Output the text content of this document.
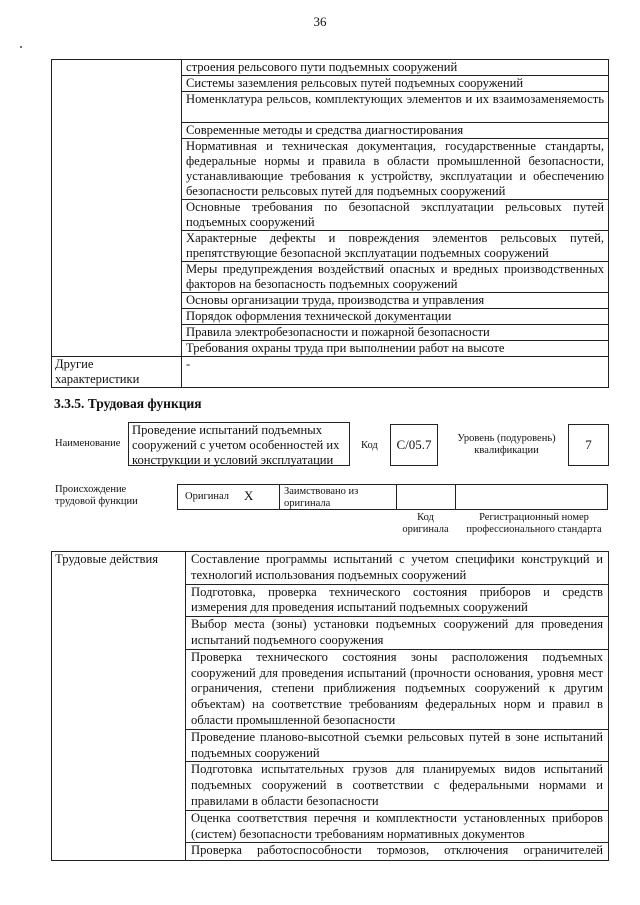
36
	строения рельсового пути подъемных сооружений
	Системы заземления рельсовых путей подъемных сооружений
	Номенклатура рельсов, комплектующих элементов и их взаимозаменяемость
	Современные методы и средства диагностирования
	Нормативная и техническая документация, государственные стандарты, федеральные нормы и правила в области промышленной безопасности, устанавливающие требования к устройству, эксплуатации и обеспечению безопасности рельсовых путей для подъемных сооружений
	Основные требования по безопасной эксплуатации рельсовых путей подъемных сооружений
	Характерные дефекты и повреждения элементов рельсовых путей, препятствующие безопасной эксплуатации подъемных сооружений
	Меры предупреждения воздействий опасных и вредных производственных факторов на безопасность подъемных сооружений
	Основы организации труда, производства и управления
	Порядок оформления технической документации
	Правила электробезопасности и пожарной безопасности
	Требования охраны труда при выполнении работ на высоте
Другие характеристики	-
3.3.5. Трудовая функция
Наименование
Проведение испытаний подъемных сооружений с учетом особенностей их конструкции и условий эксплуатации
Код	С/05.7	Уровень (подуровень) квалификации	7
Происхождение трудовой функции	Оригинал X	Заимствовано из оригинала
Код оригинала
Регистрационный номер профессионального стандарта
Трудовые действия	Составление программы испытаний с учетом специфики конструкций и технологий использования подъемных сооружений
Подготовка, проверка технического состояния приборов и средств измерения для проведения испытаний подъемных сооружений
Выбор места (зоны) установки подъемных сооружений для проведения испытаний подъемного сооружения
Проверка технического состояния зоны расположения подъемных сооружений для проведения испытаний (прочности основания, уровня мест ограничения, степени приближения подъемных сооружений к другим объектам) на соответствие требованиям федеральных норм и правил в области промышленной безопасности
Проведение планово-высотной съемки рельсовых путей в зоне испытаний подъемных сооружений
Подготовка испытательных грузов для планируемых видов испытаний подъемных сооружений в соответствии с федеральными нормами и правилами в области безопасности
Оценка соответствия перечня и комплектности установленных приборов (систем) безопасности требованиям нормативных документов
Проверка работоспособности тормозов, отключения ограничителей
